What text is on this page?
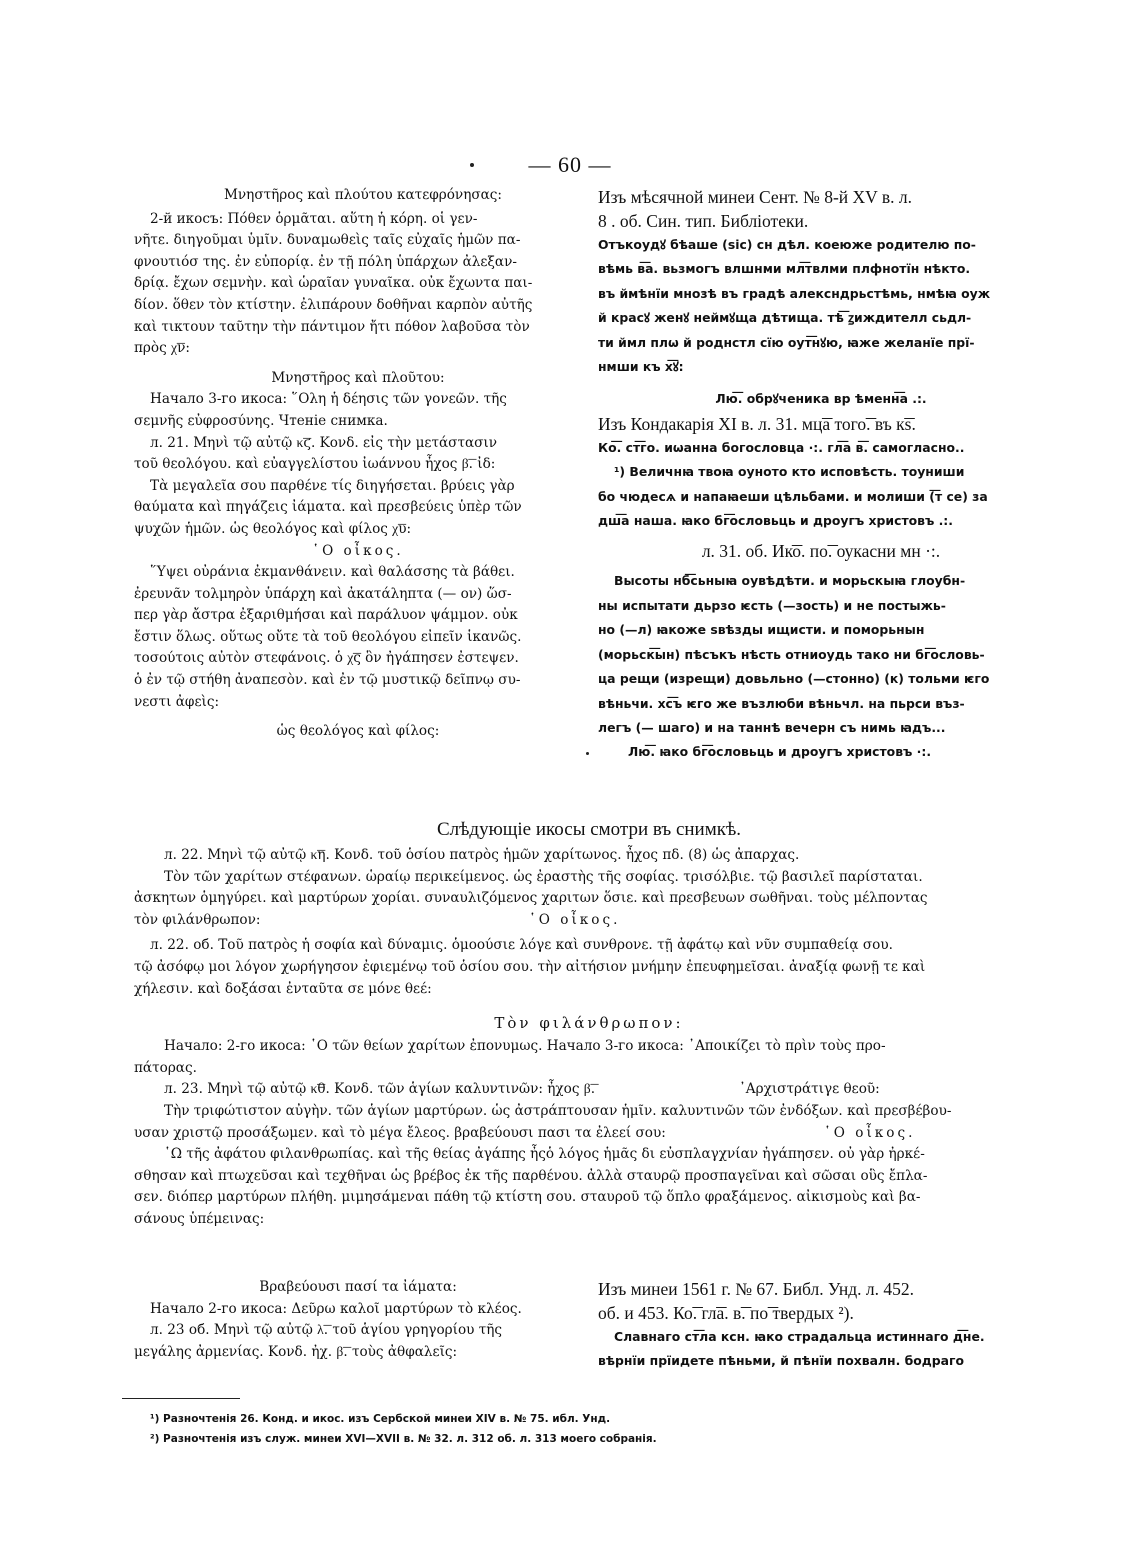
— 60 —
Μνηστῆρος καὶ πλούτου κατεφρόνησας:
2-й икосъ: Πόθεν ὁρμᾶται. αὕτη ἡ κόρη. οἱ γεν-
νῆτε. διηγοῦμαι ὑμῖν. δυναμωθεὶς ταῖς εὐχαῖς ἡμῶν πα-
φνουτιόσ της. ἐν εὐπορίᾳ. ἐν τῇ πόλη ὑπάρχων ἀλεξαν-
δρίᾳ. ἔχων σεμνὴν. καὶ ὡραῖαν γυναῖκα. οὐκ ἔχωντα παι-
δίον. ὅθεν τὸν κτίστην. ἐλιπάρουν δοθῆναι καρπὸν αὐτῆς
καὶ τικτουν ταῦτην τὴν πάντιμον ἤτι πόθον λαβοῦσα τὸν
πρὸς χ͞ν:
Μνηστῆρος καὶ πλοῦτου:
Начало 3-го икоса: ῞Ολη ἡ δέησις τῶν γονεῶν. τῆς
σεμνῆς εὐφροσύνης. Чтеніе снимка.
л. 21. Μηνὶ τῷ αὐτῷ κ͞ϛ. Κονδ. εἰς τὴν μετάστασιν
τοῦ θεολόγου. καὶ εὐαγγελίστου ἰωάννου ἦχος β͞. ἰδ:
Τὰ μεγαλεῖα σου παρθένε τίς διηγήσεται. βρύεις γὰρ
θαύματα καὶ πηγάζεις ἰάματα. καὶ πρεσβεύεις ὑπὲρ τῶν
ψυχῶν ἡμῶν. ὡς θεολόγος καὶ φίλος χ͞υ:
῾Ο οἶκος.
῞Υψει οὐράνια ἐκμανθάνειν. καὶ θαλάσσης τὰ βάθει.
ἐρευνᾶν τολμηρὸν ὑπάρχη καὶ ἀκατάληπτα (— ον) ὥσ-
περ γὰρ ἄστρα ἐξαριθμήσαι καὶ παράλυον ψάμμον. οὐκ
ἔστιν ὅλως. οὕτως οὔτε τὰ τοῦ θεολόγου εἰπεῖν ἱκανῶς.
τοσούτοις αὐτὸν στεφάνοις. ὁ χ͞ς ὃν ἠγάπησεν ἐστεψεν.
ὁ ἐν τῷ στήθη ἀναπεσὸν. καὶ ἐν τῷ μυστικῷ δεῖπνῳ συ-
νεστι ἀφεὶς:
ὡς θεολόγος καὶ φίλος:
Изъ мѣсячной минеи Сент. № 8-й XV в. л.
8 . об. Син. тип. Библіотеки.
Отъкоудꙋ бѣаше (sic) сн дѣл. коеюже родителю по-
вѣмь в͞а. вьзмогъ влшнми мл͞твлми плфнотїн нѣкто.
въ ймѣнїи мнозѣ въ градѣ алексндрьстѣмь, нмѣꙗ оуж
й красꙋ женꙋ неймꙋща дѣтища. тѣ͞ ꙁиждителл сьдл-
ти ймл плѡ й роднстл сїю оут͞нꙋю, ꙗже желанїе прї-
нмши къ х͞ꙋ:
Лю͞. обрꙋченика вр ѣменн͞а .:.
Изъ Кондакарія XI в. л. 31. мц͞а того͞. въ к͞ѕ.
Ко͞. ст͞го. иѡанна богословца ·:. гл͞а в͞. самогласно..
¹) Величнꙗ твоꙗ оуното кто исповѣсть. тоуниши
бо чюдесѧ и напаꙗеши цѣльбами. и молиши (͞т се) за
дш͞а наша. ꙗко бг͞ословьць и дроугъ христовъ .:.
л. 31. об. Ик͞о. по͞. оукасни мн ·:.
Высоты нб͞сьныꙗ оувѣдѣти. и морьскыꙗ глоубн-
ны испытати дьрзо ѥсть (—зость) и не постыжь-
но (—л) ꙗкоже ѕвѣзды ищисти. и поморьнын
(морьск͞ын) пѣсъкъ нѣсть отниоудь тако ни бг͞ословь-
ца рещи (изрещи) довьльно (—стонно) (к) тольми ѥго
вѣньчи. хс͞ъ ѥго же възлюби вѣньчл. на пьрси въз-
легъ (— шаго) и на таннѣ вечерн съ нимь ꙗдъ...
Лю͞. ꙗко бг͞ословьць и дроугъ христовъ ·:.
Слѣдующіе икосы смотри въ снимкѣ.
л. 22. Μηνὶ τῷ αὐτῷ κ͞η. Κονδ. τοῦ ὁσίου πατρὸς ἡμῶν χαρίτωνος. ἦχος πδ. (8) ὡς ἀπαρχας.
Τὸν τῶν χαρίτων στέφανων. ὡραίῳ περικείμενος. ὡς ἐραστὴς τῆς σοφίας. τρισόλβιε. τῷ βασιλεῖ παρίσταται.
ἀσκητων ὁμηγύρει. καὶ μαρτύρων χορίαι. συναυλιζόμενος χαριτων ὅσιε. καὶ πρεσβευων σωθῆναι. τοὺς μέλποντας
τὸν φιλάνθρωπον:	῾Ο οἶκος.
л. 22. об. Τοῦ πατρὸς ἡ σοφία καὶ δύναμις. ὁμοούσιε λόγε καὶ συνθρονε. τῇ ἀφάτῳ καὶ νῦν συμπαθείᾳ σου.
τῷ ἀσόφῳ μοι λόγον χωρήγησον ἐφιεμένῳ τοῦ ὁσίου σου. τὴν αἰτήσιον μνήμην ἐπευφημεῖσαι. ἀναξίᾳ φωνῇ τε καὶ
χήλεσιν. καὶ δοξάσαι ἐνταῦτα σε μόνε θεέ:
Τὸν φιλάνθρωπον:
Начало: 2-го икоса: ῾Ο τῶν θείων χαρίτων ἐπονυμως. Начало 3-го икоса: ᾽Αποικίζει τὸ πρὶν τοὺς προ-
πάτορας.
л. 23. Μηνὶ τῷ αὐτῷ κ͞θ. Κονδ. τῶν ἁγίων καλυντινῶν: ἦχος β͞.	᾽Αρχιστράτιγε θεοῦ:
Τὴν τριφώτιστον αὐγὴν. τῶν ἁγίων μαρτύρων. ὡς ἀστράπτουσαν ἡμῖν. καλυντινῶν τῶν ἐνδόξων. καὶ πρεσβέβου-
υσαν χριστῷ προσάξωμεν. καὶ τὸ μέγα ἔλεος. βραβεύουσι πασι τα ἐλεεί σου:	῾Ο οἶκος.
῾Ω τῆς ἀφάτου φιλανθρωπίας. καὶ τῆς θείας ἀγάπης ἦςὁ λόγος ἡμᾶς δι εὐσπλαγχνίαν ἠγάπησεν. οὐ γὰρ ἠρκέ-
σθησαν καὶ πτωχεῦσαι καὶ τεχθῆναι ὡς βρέβος ἐκ τῆς παρθένου. ἀλλὰ σταυρῷ προσπαγεῖναι καὶ σῶσαι οὓς ἔπλα-
σεν. διόπερ μαρτύρων πλήθη. μιμησάμεναι πάθη τῷ κτίστη σου. σταυροῦ τῷ ὅπλο φραξάμενος. αἰκισμοὺς καὶ βα-
σάνους ὑπέμεινας:
Βραβεύουσι πασί τα ἰάματα:
Начало 2-го икоса: Δεῦρω καλοῖ μαρτύρων τὸ κλέος.
л. 23 об. Μηνὶ τῷ αὐτῷ λ͞. τοῦ ἁγίου γρηγορίου τῆς
μεγάλης ἀρμενίας. Κονδ. ἠχ. β͞. τοὺς ἀθφαλεῖς:
Изъ минеи 1561 г. № 67. Библ. Унд. л. 452.
об. и 453. Ко͞. гл͞а. в͞. по͞ твердых ²).
Славнаго ст͞ла ксн. ꙗко страдальца истиннаго д͞не.
вѣрнїи прїидете пѣньми, й пѣнїи похвалн. бодраго
¹) Разночтенія 26. Конд. и икос. изъ Сербской минеи XIV в. № 75. ибл. Унд.
²) Разночтенія изъ служ. минеи XVI—XVII в. № 32. л. 312 об. л. 313 моего собранія.
